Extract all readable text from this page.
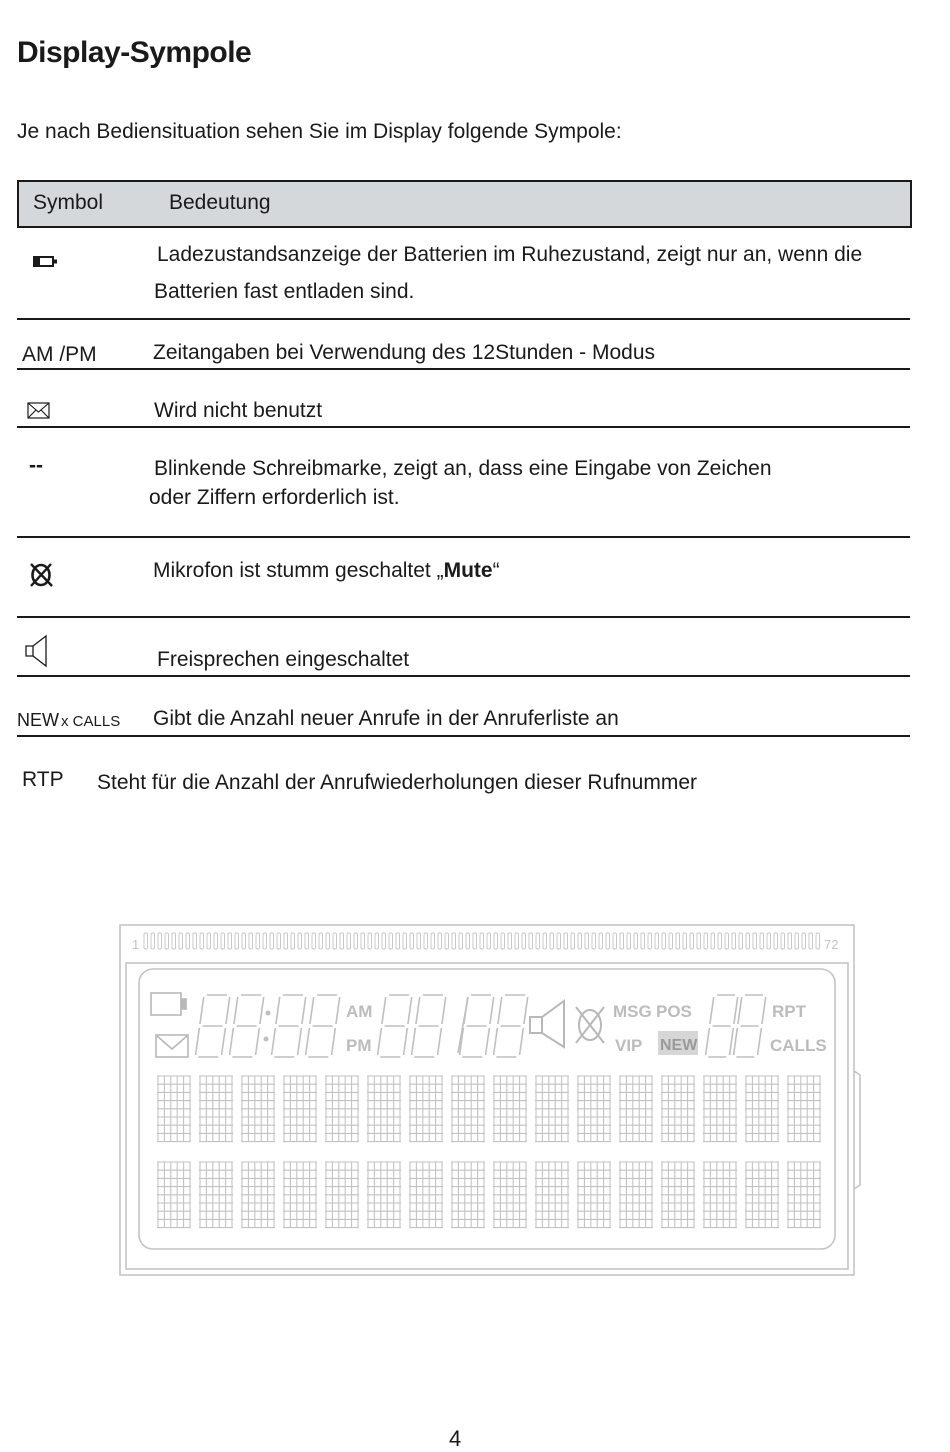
Display-Sympole
Je nach Bediensituation sehen Sie im Display folgende Sympole:
Symbol	Bedeutung
Ladezustandsanzeige der Batterien im Ruhezustand, zeigt nur an, wenn die
Batterien fast entladen sind.
AM /PM	Zeitangaben bei Verwendung des 12Stunden - Modus
Wird nicht benutzt
--	Blinkende Schreibmarke, zeigt an, dass eine Eingabe von Zeichen
oder Ziffern erforderlich ist.
Mikrofon ist stumm geschaltet „Mute“
Freisprechen eingeschaltet
NEW x CALLS Gibt die Anzahl neuer Anrufe in der Anruferliste an
RTP Steht für die Anzahl der Anrufwiederholungen dieser Rufnummer
1	72
AM
PM
MSG POS
VIP
RPT
CALLS
NEW
4
